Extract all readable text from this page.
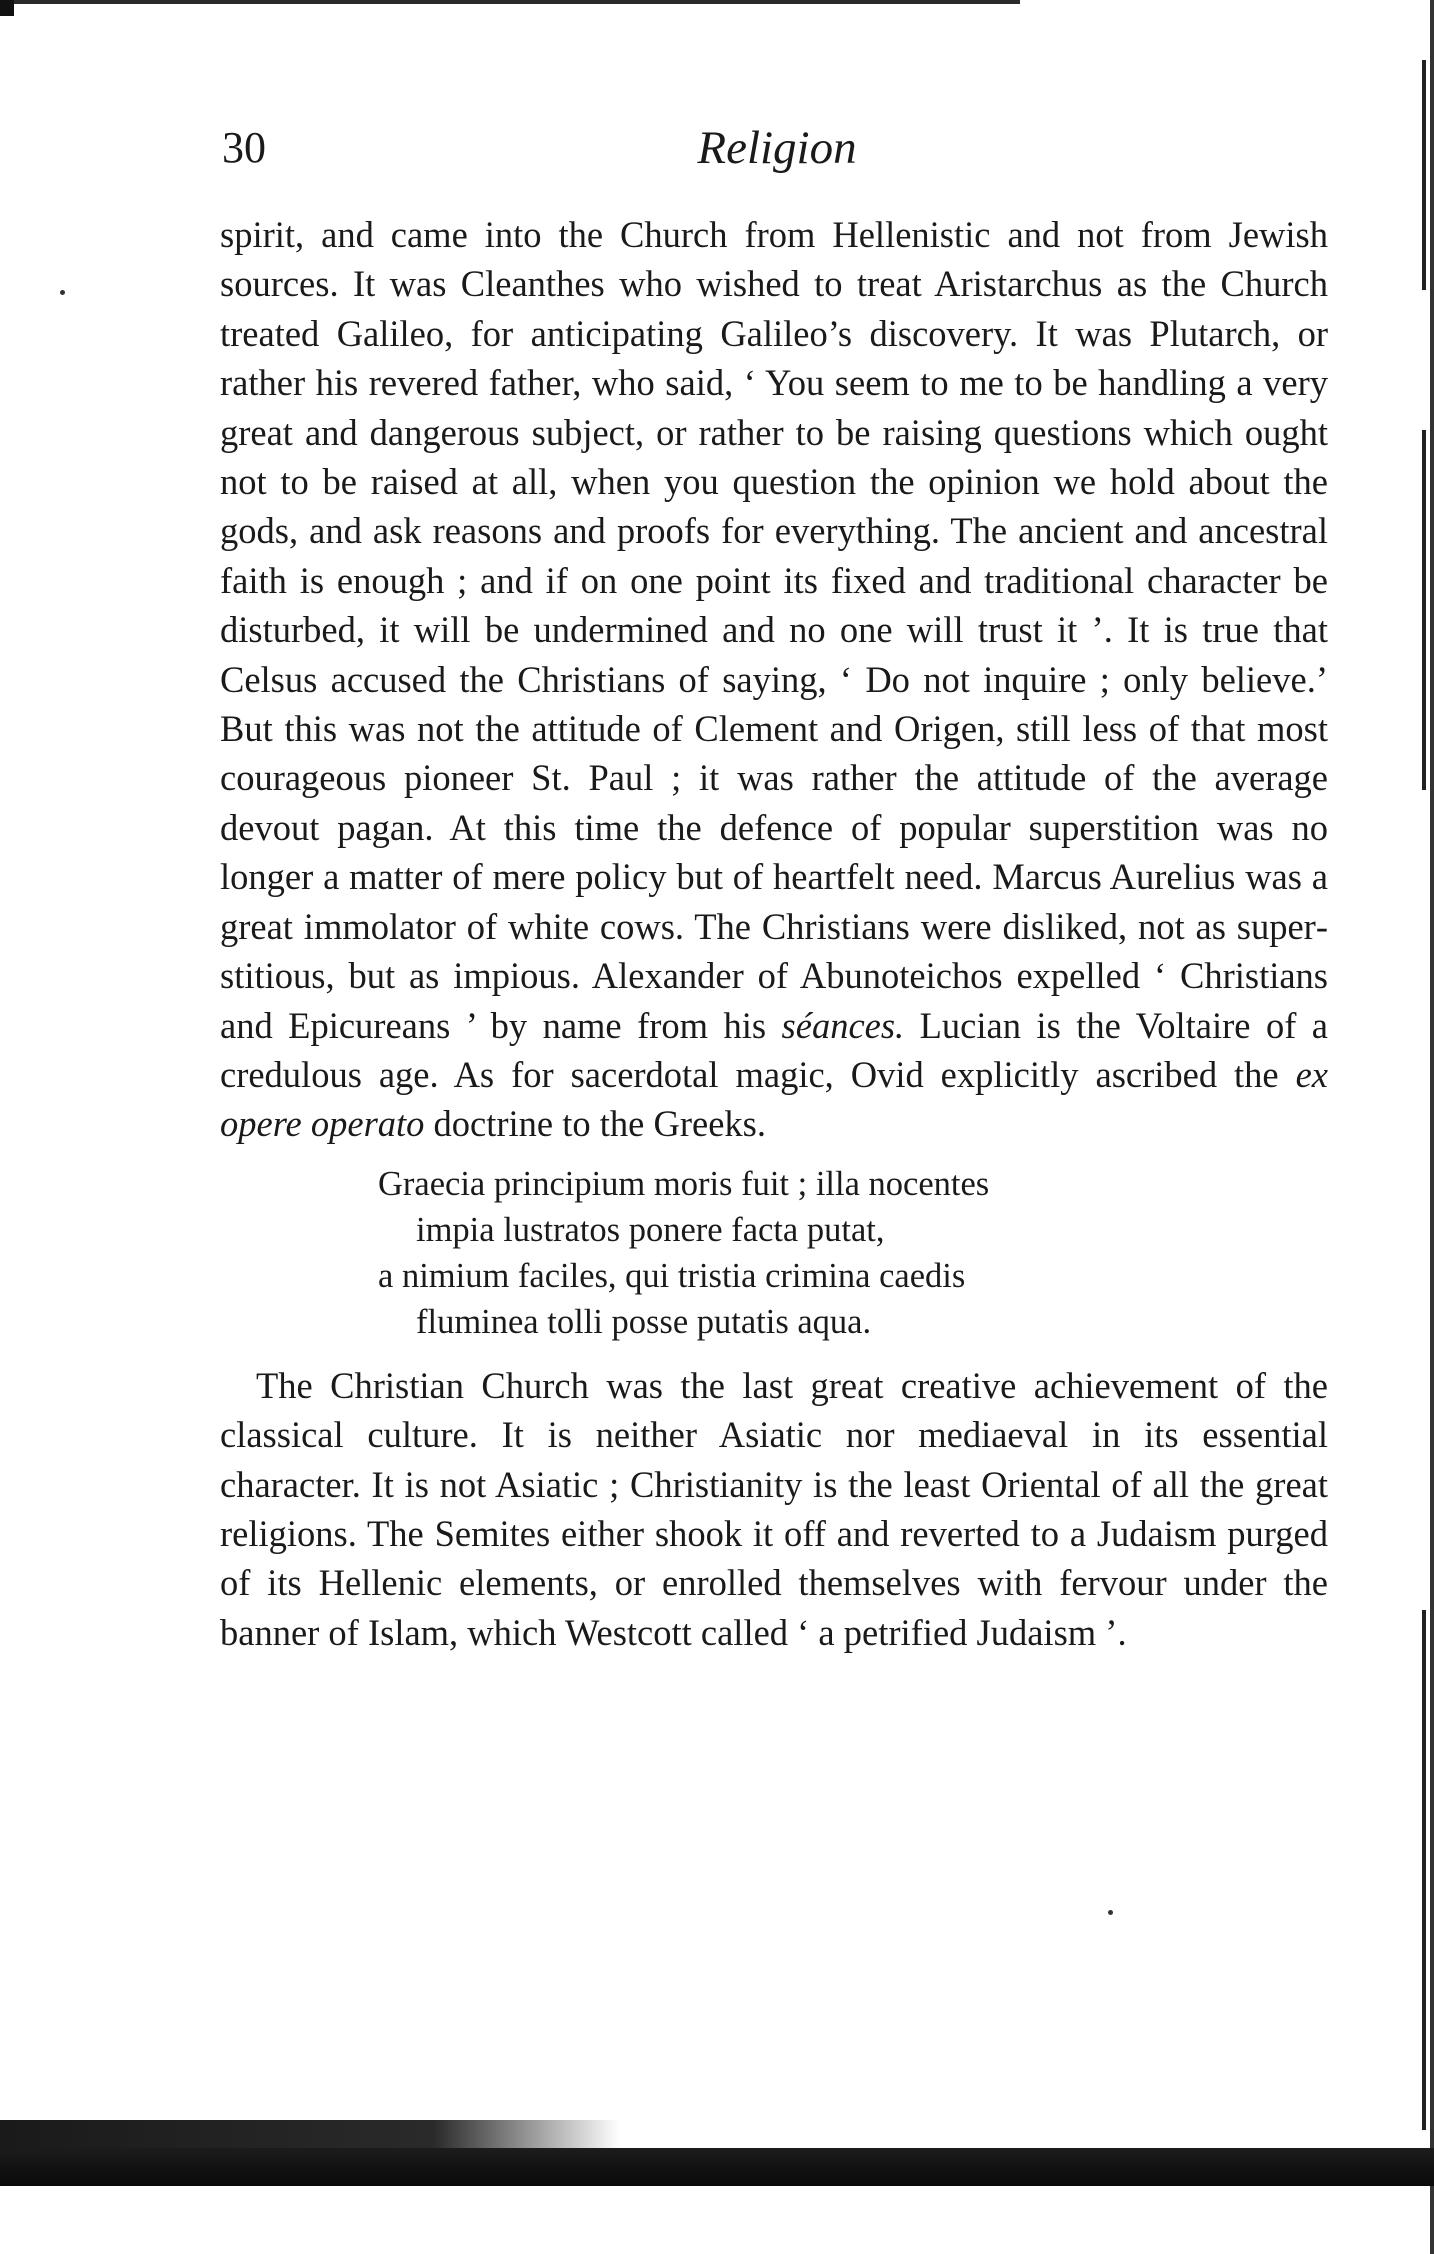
30	Religion

spirit, and came into the Church from Hellenistic and not from Jewish sources. It was Cleanthes who wished to treat Aristarchus as the Church treated Galileo, for anticipating Galileo’s discovery. It was Plutarch, or rather his revered father, who said, ‘ You seem to me to be handling a very great and dangerous subject, or rather to be raising questions which ought not to be raised at all, when you question the opinion we hold about the gods, and ask reasons and proofs for everything. The ancient and ancestral faith is enough ; and if on one point its fixed and traditional character be disturbed, it will be undermined and no one will trust it ’. It is true that Celsus accused the Christians of saying, ‘ Do not inquire ; only believe.’ But this was not the attitude of Clement and Origen, still less of that most courageous pioneer St. Paul ; it was rather the attitude of the average devout pagan. At this time the defence of popular superstition was no longer a matter of mere policy but of heartfelt need. Marcus Aurelius was a great immolator of white cows. The Christians were disliked, not as superstitious, but as impious. Alexander of Abunoteichos expelled ‘ Christians and Epicureans ’ by name from his séances. Lucian is the Voltaire of a credulous age. As for sacerdotal magic, Ovid explicitly ascribed the ex opere operato doctrine to the Greeks.

Graecia principium moris fuit ; illa nocentes
impia lustratos ponere facta putat,
a nimium faciles, qui tristia crimina caedis
fluminea tolli posse putatis aqua.

The Christian Church was the last great creative achievement of the classical culture. It is neither Asiatic nor mediaeval in its essential character. It is not Asiatic ; Christianity is the least Oriental of all the great religions. The Semites either shook it off and reverted to a Judaism purged of its Hellenic elements, or enrolled themselves with fervour under the banner of Islam, which Westcott called ‘ a petrified Judaism ’.
